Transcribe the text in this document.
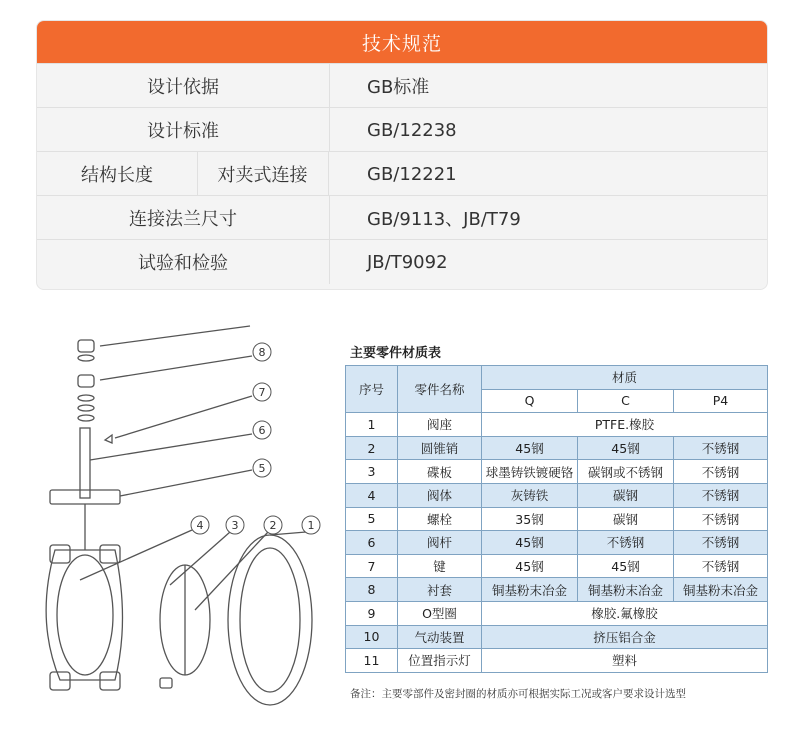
技术规范
设计依据	GB标准
设计标准	GB/12238
结构长度	对夹式连接	GB/12221
连接法兰尺寸	GB/9113、JB/T79
试验和检验	JB/T9092
8
7
6
5
4	3	2	1
主要零件材质表
序号	零件名称	材质		
		Q	C	P4
1	阀座	PTFE.橡胶		
2	圆锥销	45钢	45钢	不锈钢
3	碟板	球墨铸铁镀硬铬	碳钢或不锈钢	不锈钢
4	阀体	灰铸铁	碳钢	不锈钢
5	螺栓	35钢	碳钢	不锈钢
6	阀杆	45钢	不锈钢	不锈钢
7	键	45钢	45钢	不锈钢
8	衬套	铜基粉末冶金	铜基粉末冶金	铜基粉末冶金
9	O型圈	橡胶.氟橡胶		
10	气动装置	挤压铝合金		
11	位置指示灯	塑料		
备注：主要零部件及密封圈的材质亦可根据实际工况或客户要求设计选型
